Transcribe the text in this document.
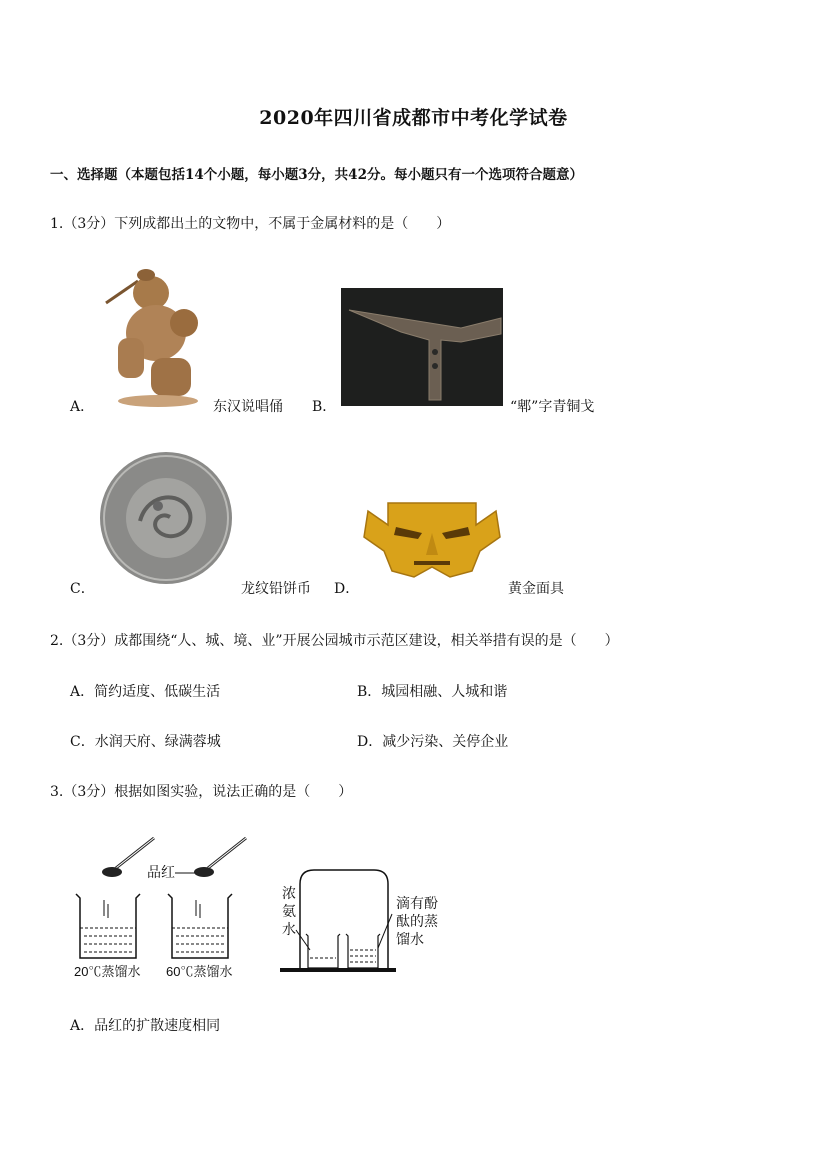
2020年四川省成都市中考化学试卷
一、选择题（本题包括14个小题，每小题3分，共42分。每小题只有一个选项符合题意）
1.（3分）下列成都出土的文物中，不属于金属材料的是（　　）
A．	东汉说唱俑 B．	“郫”字青铜戈
C．	龙纹铅饼币 D．	黄金面具
2.（3分）成都围绕“人、城、境、业”开展公园城市示范区建设，相关举措有误的是（　　）
A．简约适度、低碳生活	B．城园相融、人城和谐
C．水润天府、绿满蓉城	D．减少污染、关停企业
3.（3分）根据如图实验，说法正确的是（　　）
品红
20℃蒸馏水 60℃蒸馏水
浓
氨
水
滴有酚
酞的蒸
馏水
A．品红的扩散速度相同
